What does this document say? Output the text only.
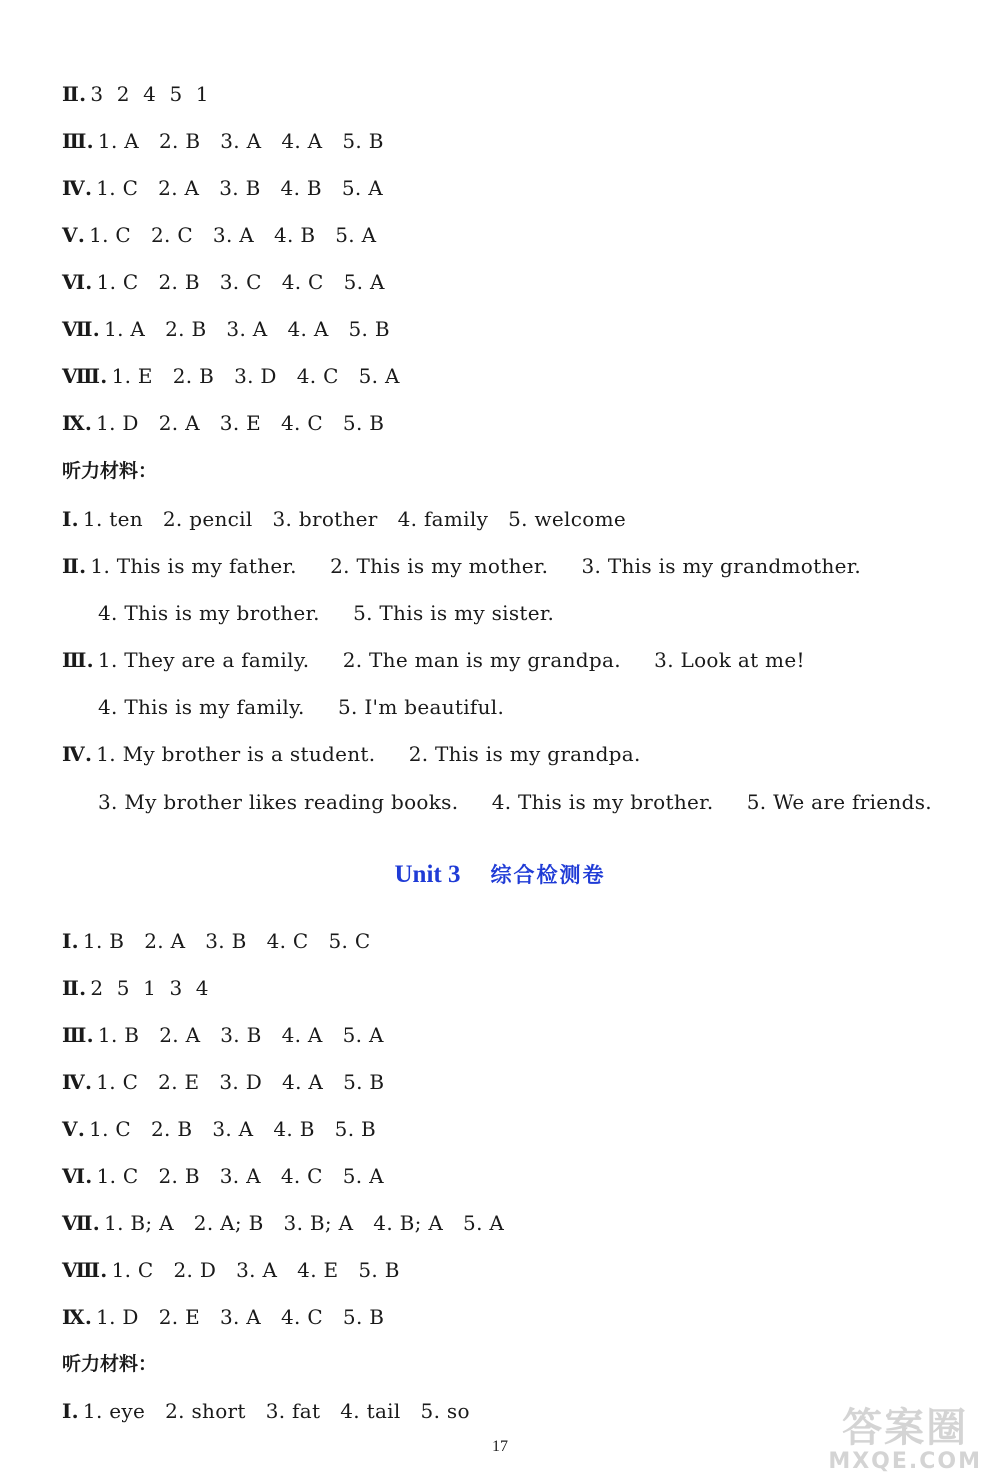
Ⅱ. 3  2  4  5  1
Ⅲ. 1. A   2. B   3. A   4. A   5. B
Ⅳ. 1. C   2. A   3. B   4. B   5. A
Ⅴ. 1. C   2. C   3. A   4. B   5. A
Ⅵ. 1. C   2. B   3. C   4. C   5. A
Ⅶ. 1. A   2. B   3. A   4. A   5. B
Ⅷ. 1. E   2. B   3. D   4. C   5. A
Ⅸ. 1. D   2. A   3. E   4. C   5. B
听力材料：
Ⅰ. 1. ten   2. pencil   3. brother   4. family   5. welcome
Ⅱ. 1. This is my father.     2. This is my mother.     3. This is my grandmother.
4. This is my brother.     5. This is my sister.
Ⅲ. 1. They are a family.     2. The man is my grandpa.     3. Look at me!
4. This is my family.     5. I'm beautiful.
Ⅳ. 1. My brother is a student.     2. This is my grandpa.
3. My brother likes reading books.     4. This is my brother.     5. We are friends.
Unit 3 综合检测卷
Ⅰ. 1. B   2. A   3. B   4. C   5. C
Ⅱ. 2  5  1  3  4
Ⅲ. 1. B   2. A   3. B   4. A   5. A
Ⅳ. 1. C   2. E   3. D   4. A   5. B
Ⅴ. 1. C   2. B   3. A   4. B   5. B
Ⅵ. 1. C   2. B   3. A   4. C   5. A
Ⅶ. 1. B; A   2. A; B   3. B; A   4. B; A   5. A
Ⅷ. 1. C   2. D   3. A   4. E   5. B
Ⅸ. 1. D   2. E   3. A   4. C   5. B
听力材料：
Ⅰ. 1. eye   2. short   3. fat   4. tail   5. so
17	答案圈
MXQE.COM
